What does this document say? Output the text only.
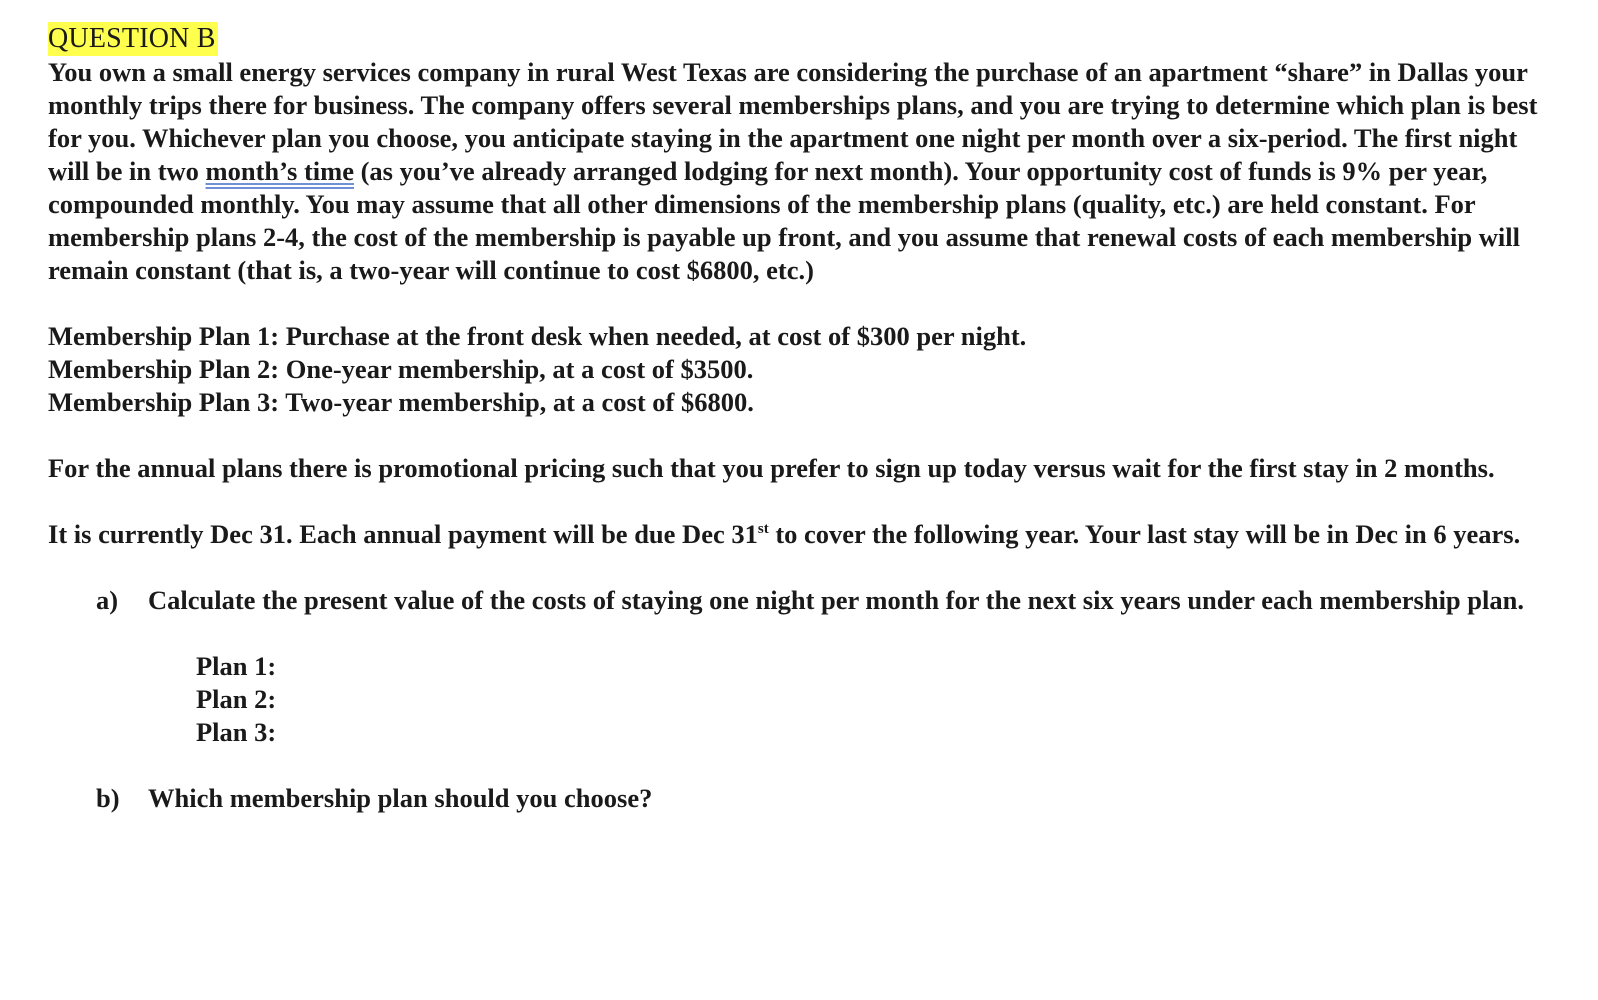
QUESTION B

You own a small energy services company in rural West Texas are considering the purchase of an apartment “share” in Dallas your monthly trips there for business. The company offers several memberships plans, and you are trying to determine which plan is best for you. Whichever plan you choose, you anticipate staying in the apartment one night per month over a six-period. The first night will be in two month’s time (as you’ve already arranged lodging for next month). Your opportunity cost of funds is 9% per year, compounded monthly. You may assume that all other dimensions of the membership plans (quality, etc.) are held constant. For membership plans 2-4, the cost of the membership is payable up front, and you assume that renewal costs of each membership will remain constant (that is, a two-year will continue to cost $6800, etc.)

Membership Plan 1: Purchase at the front desk when needed, at cost of $300 per night.
Membership Plan 2: One-year membership, at a cost of $3500.
Membership Plan 3: Two-year membership, at a cost of $6800.

For the annual plans there is promotional pricing such that you prefer to sign up today versus wait for the first stay in 2 months.

It is currently Dec 31. Each annual payment will be due Dec 31st to cover the following year. Your last stay will be in Dec in 6 years.

a)	Calculate the present value of the costs of staying one night per month for the next six years under each membership plan.
Plan 1:
Plan 2:
Plan 3:
b)	Which membership plan should you choose?
